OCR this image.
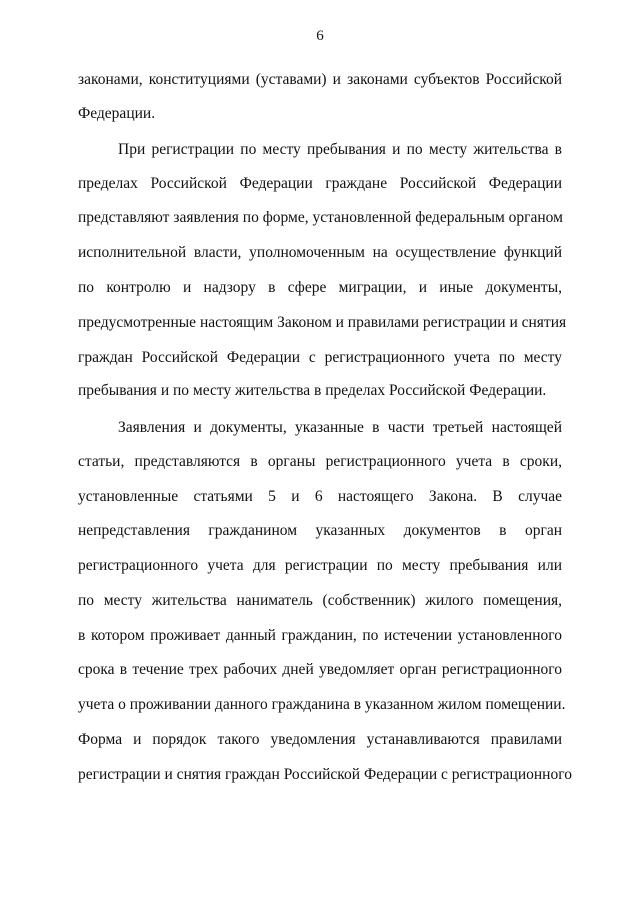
6
законами, конституциями (уставами) и законами субъектов Российской
Федерации.
При регистрации по месту пребывания и по месту жительства в
пределах Российской Федерации граждане Российской Федерации
представляют заявления по форме, установленной федеральным органом
исполнительной власти, уполномоченным на осуществление функций
по контролю и надзору в сфере миграции, и иные документы,
предусмотренные настоящим Законом и правилами регистрации и снятия
граждан Российской Федерации с регистрационного учета по месту
пребывания и по месту жительства в пределах Российской Федерации.
Заявления и документы, указанные в части третьей настоящей
статьи, представляются в органы регистрационного учета в сроки,
установленные статьями 5 и 6 настоящего Закона. В случае
непредставления гражданином указанных документов в орган
регистрационного учета для регистрации по месту пребывания или
по месту жительства наниматель (собственник) жилого помещения,
в котором проживает данный гражданин, по истечении установленного
срока в течение трех рабочих дней уведомляет орган регистрационного
учета о проживании данного гражданина в указанном жилом помещении.
Форма и порядок такого уведомления устанавливаются правилами
регистрации и снятия граждан Российской Федерации с регистрационного
